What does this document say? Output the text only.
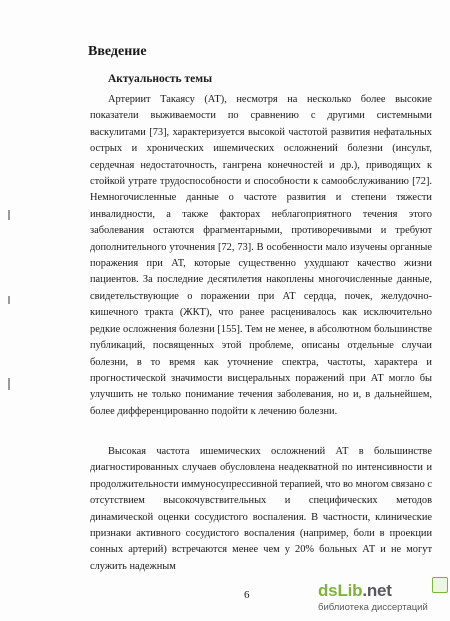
Введение
Актуальность темы

Артериит Такаясу (АТ), несмотря на несколько более высокие показатели выживаемости по сравнению с другими системными васкулитами [73], характеризуется высокой частотой развития нефатальных острых и хронических ишемических осложнений болезни (инсульт, сердечная недостаточность, гангрена конечностей и др.), приводящих к стойкой утрате трудоспособности и способности к самообслуживанию [72]. Немногочисленные данные о частоте развития и степени тяжести инвалидности, а также факторах неблагоприятного течения этого заболевания остаются фрагментарными, противоречивыми и требуют дополнительного уточнения [72, 73]. В особенности мало изучены органные поражения при АТ, которые существенно ухудшают качество жизни пациентов. За последние десятилетия накоплены многочисленные данные, свидетельствующие о поражении при АТ сердца, почек, желудочно-кишечного тракта (ЖКТ), что ранее расценивалось как исключительно редкие осложнения болезни [155]. Тем не менее, в абсолютном большинстве публикаций, посвященных этой проблеме, описаны отдельные случаи болезни, в то время как уточнение спектра, частоты, характера и прогностической значимости висцеральных поражений при АТ могло бы улучшить не только понимание течения заболевания, но и, в дальнейшем, более дифференцированно подойти к лечению болезни.

Высокая частота ишемических осложнений АТ в большинстве диагностированных случаев обусловлена неадекватной по интенсивности и продолжительности иммуносупрессивной терапией, что во многом связано с отсутствием высокочувствительных и специфических методов динамической оценки сосудистого воспаления. В частности, клинические признаки активного сосудистого воспаления (например, боли в проекции сонных артерий) встречаются менее чем у 20% больных АТ и не могут служить надежным

6	dsLib.net
библиотека диссертаций
